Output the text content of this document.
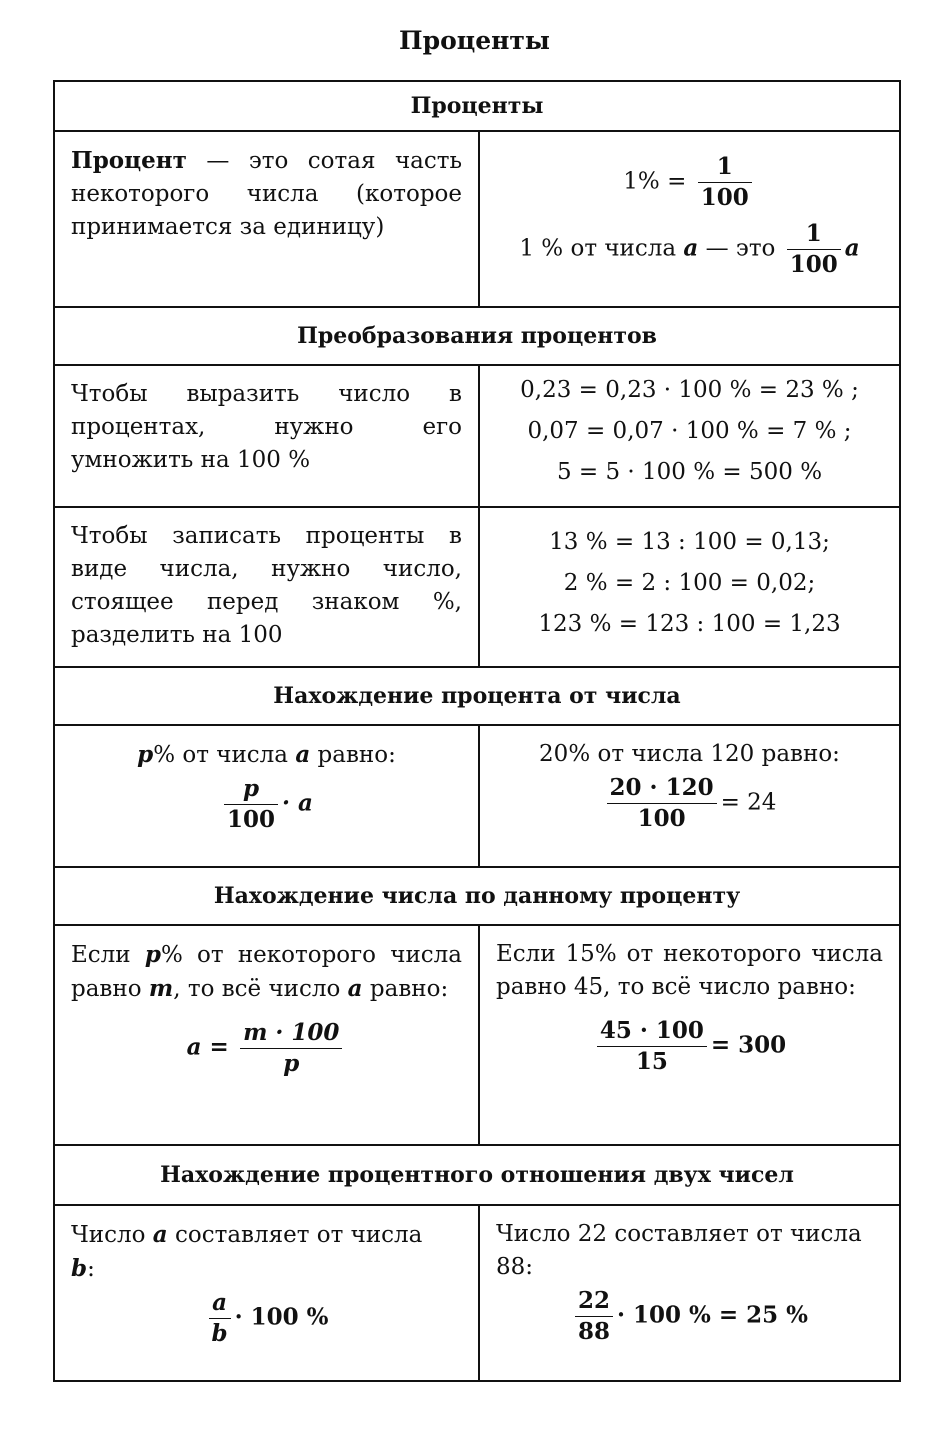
Проценты
Проценты
Процент — это сотая часть некоторого числа (которое принимается за единицу)
$1\% = \frac{1}{100}$
1 % от числа a — это $\frac{1}{100}$ a
Преобразования процентов
Чтобы выразить число в процентах, нужно его умножить на 100 %
0,23 = 0,23 · 100 % = 23 % ;
0,07 = 0,07 · 100 % = 7 % ;
5 = 5 · 100 % = 500 %
Чтобы записать проценты в виде числа, нужно число, стоящее перед знаком %, разделить на 100
13 % = 13 : 100 = 0,13;
2 % = 2 : 100 = 0,02;
123 % = 123 : 100 = 1,23
Нахождение процента от числа
p% от числа a равно:
$\frac{p}{100} \cdot a$
20% от числа 120 равно:
$\frac{20 \cdot 120}{100} = 24$
Нахождение числа по данному проценту
Если p% от некоторого числа равно m, то всё число a равно:
$a = \frac{m \cdot 100}{p}$
Если 15% от некоторого числа равно 45, то всё число равно:
$\frac{45 \cdot 100}{15} = 300$
Нахождение процентного отношения двух чисел
Число a составляет от числа
b:
$\frac{a}{b} \cdot 100$ %
Число 22 составляет от числа 88:
$\frac{22}{88} \cdot 100$ % = 25 %
